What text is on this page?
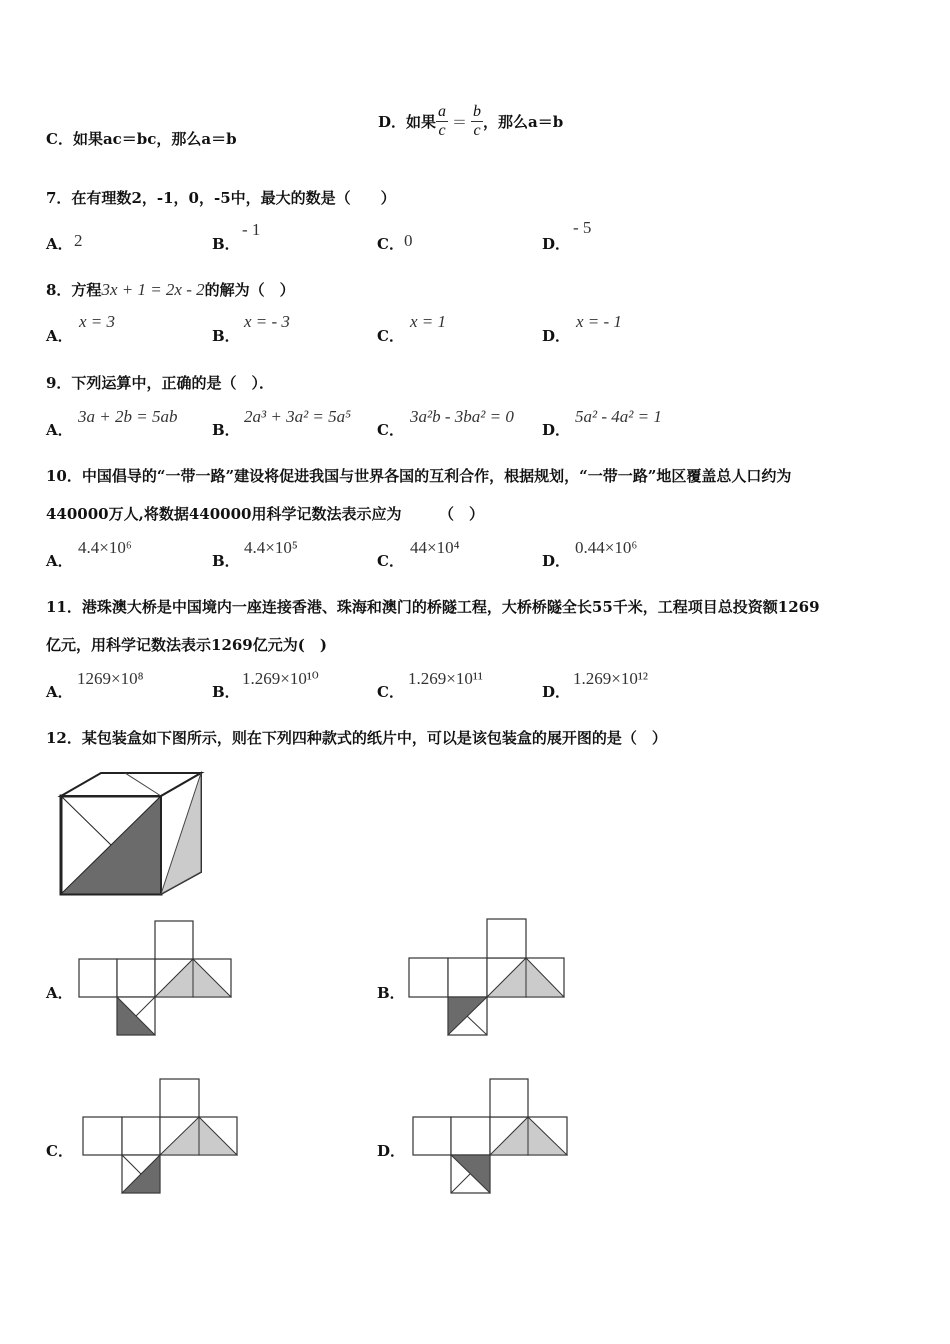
C．如果ac＝bc，那么a＝b
D．如果 $\frac{a}{c} = \frac{b}{c}$ ，那么a＝b
7．在有理数2，-1，0，-5中，最大的数是（　　）
A． 2	B．
- 1
C． 0	D．
- 5
8．方程3x + 1 = 2x - 2的解为（　）
A．
x = 3
B．
x = - 3
C．
x = 1
D．
x = - 1
9．下列运算中，正确的是（　）．
A．
3a + 2b = 5ab
B．
2a³ + 3a² = 5a⁵
C．
3a²b - 3ba² = 0
D．
5a² - 4a² = 1
10．中国倡导的“一带一路”建设将促进我国与世界各国的互利合作，根据规划，“一带一路”地区覆盖总人口约为
440000万人,将数据440000用科学记数法表示应为　　　（　）
A．
4.4×10⁶
B．
4.4×10⁵
C．
44×10⁴
D．
0.44×10⁶
11．港珠澳大桥是中国境内一座连接香港、珠海和澳门的桥隧工程，大桥桥隧全长55千米，工程项目总投资额1269
亿元，用科学记数法表示1269亿元为(　)
A．
1269×10⁸
B．
1.269×10¹⁰
C．
1.269×10¹¹
D．
1.269×10¹²
12．某包装盒如下图所示，则在下列四种款式的纸片中，可以是该包装盒的展开图的是（　）
A．	B．
C．	D．
